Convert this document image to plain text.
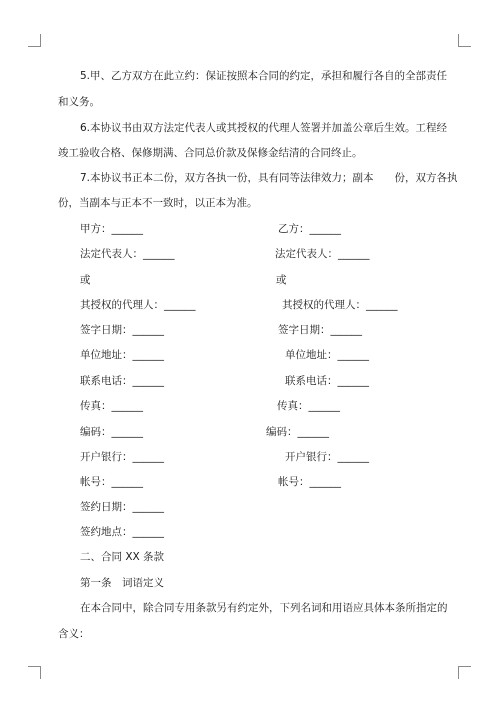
5.甲、乙方双方在此立约：保证按照本合同的约定，承担和履行各自的全部责任
和义务。
6.本协议书由双方法定代表人或其授权的代理人签署并加盖公章后生效。工程经
竣工验收合格、保修期满、合同总价款及保修金结清的合同终止。
7.本协议书正本二份，双方各执一份，具有同等法律效力；副本　　份，双方各执
份，当副本与正本不一致时，以正本为准。
甲方：______	乙方：______
法定代表人：______	法定代表人：______
或	或
其授权的代理人：______	其授权的代理人：______
签字日期：______	签字日期：______
单位地址：______	单位地址：______
联系电话：______	联系电话：______
传真：______	传真：______
编码：______	编码：______
开户银行：______	开户银行：______
帐号：______	帐号：______
签约日期：______
签约地点：______
二、合同 XX 条款
第一条　词语定义
在本合同中，除合同专用条款另有约定外，下列名词和用语应具体本条所指定的
含义：
